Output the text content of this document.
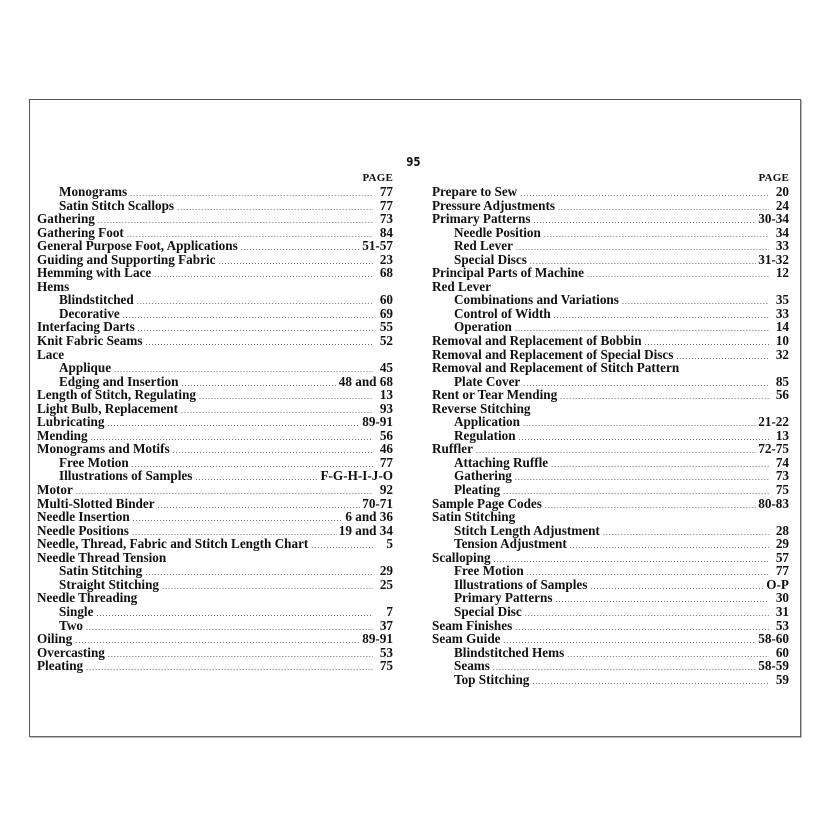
95
PAGE
Monograms .....	77
Satin Stitch Scallops .....	77
Gathering .....	73
Gathering Foot .....	84
General Purpose Foot, Applications .....	51-57
Guiding and Supporting Fabric .....	23
Hemming with Lace .....	68
Hems
Blindstitched .....	60
Decorative .....	69
Interfacing Darts .....	55
Knit Fabric Seams .....	52
Lace
Applique .....	45
Edging and Insertion .....	48 and 68
Length of Stitch, Regulating .....	13
Light Bulb, Replacement .....	93
Lubricating .....	89-91
Mending .....	56
Monograms and Motifs .....	46
Free Motion .....	77
Illustrations of Samples .....	F-G-H-I-J-O
Motor .....	92
Multi-Slotted Binder .....	70-71
Needle Insertion .....	6 and 36
Needle Positions .....	19 and 34
Needle, Thread, Fabric and Stitch Length Chart .....	5
Needle Thread Tension
Satin Stitching .....	29
Straight Stitching .....	25
Needle Threading
Single .....	7
Two .....	37
Oiling .....	89-91
Overcasting .....	53
Pleating .....	75
PAGE
Prepare to Sew .....	20
Pressure Adjustments .....	24
Primary Patterns .....	30-34
Needle Position .....	34
Red Lever .....	33
Special Discs .....	31-32
Principal Parts of Machine .....	12
Red Lever
Combinations and Variations .....	35
Control of Width .....	33
Operation .....	14
Removal and Replacement of Bobbin .....	10
Removal and Replacement of Special Discs .....	32
Removal and Replacement of Stitch Pattern
Plate Cover .....	85
Rent or Tear Mending .....	56
Reverse Stitching
Application .....	21-22
Regulation .....	13
Ruffler .....	72-75
Attaching Ruffle .....	74
Gathering .....	73
Pleating .....	75
Sample Page Codes .....	80-83
Satin Stitching
Stitch Length Adjustment .....	28
Tension Adjustment .....	29
Scalloping .....	57
Free Motion .....	77
Illustrations of Samples .....	O-P
Primary Patterns .....	30
Special Disc .....	31
Seam Finishes .....	53
Seam Guide .....	58-60
Blindstitched Hems .....	60
Seams .....	58-59
Top Stitching .....	59
